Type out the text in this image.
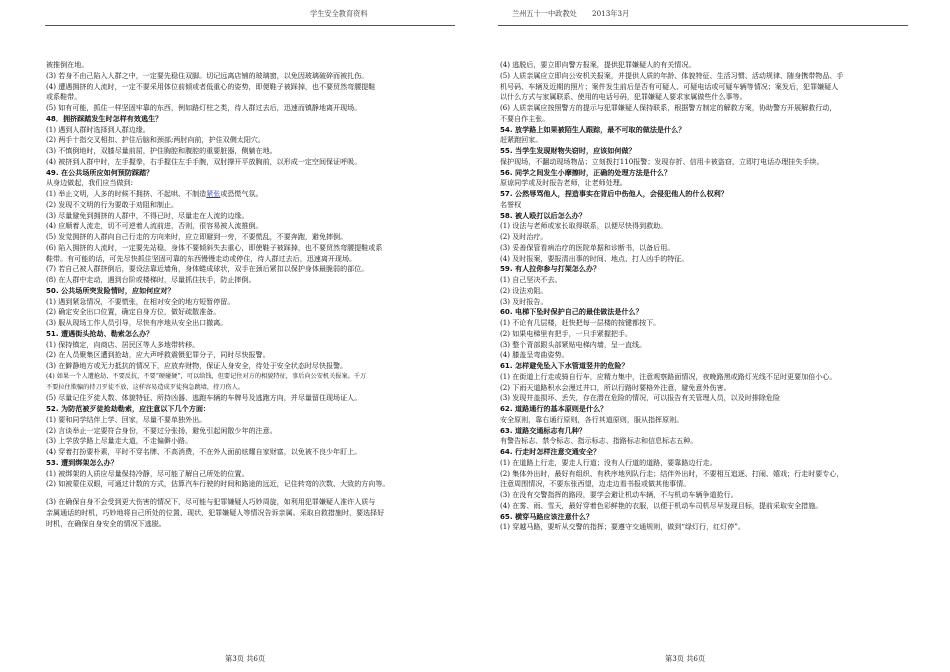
学生安全教育资料	兰州五十一中政教处 2013年3月

被推倒在地。

(3) 若身不由己陷入人群之中，一定要先稳住双脚。切记远离店铺的玻璃窗，以免因玻璃破碎而被扎伤。

(4) 遭遇拥挤的人流时，一定不要采用体位前倾或者低重心的姿势，即便鞋子被踩掉，也不要贸然弯腰提鞋

或系鞋带。

(5) 如有可能，抓住一样坚固牢靠的东西，例如路灯柱之类，待人群过去后，迅速而镇静地离开现场。

48．拥挤踩踏发生时怎样有效逃生？

(1) 遇到人群时选择到人群边缘。

(2) 两手十指交叉相扣、护住后脑和颈部;两肘向前，护住双侧太阳穴。

(3) 不慎倒地时，双膝尽量前屈，护住胸腔和腹腔的重要脏器，侧躺在地。

(4) 被挤到人群中时，左手握拳，右手握住左手手腕，双肘撑开平放胸前，以形成一定空间保证呼吸。

49. 在公共场所应如何预防踩踏？

从身边做起，我们应当做到:

(1) 举止文明，人多的时候不拥挤、不起哄、不制造紧张或恐慌气氛。

(2) 发现不文明的行为要敢于劝阻和制止。

(3) 尽量避免到拥挤的人群中，不得已时，尽量走在人流的边缘。

(4) 应顺着人流走，切不可逆着人流前进，否则，很容易被人流推倒。

(5) 发觉拥挤的人群向自己行走的方向来时，应立即避到一旁，不要慌乱，不要奔跑，避免摔倒。

(6) 陷入拥挤的人流时，一定要先站稳，身体不要倾斜失去重心，即使鞋子被踩掉，也不要贸然弯腰提鞋或系

鞋带。有可能的话，可先尽快抓住坚固可靠的东西慢慢走动或停住，待人群过去后，迅速离开现场。

(7) 若自己被人群挤倒后，要设法靠近墙角，身体蜷成球状，双手在颈后紧扣以保护身体最脆弱的部位。

(8) 在人群中走动，遇到台阶或楼梯时，尽量抓住扶手，防止摔倒。

50. 公共场所突发险情时，应如何应对？

(1) 遇到紧急情况，不要慌张，在相对安全的地方短暂停留。

(2) 确定安全出口位置，确定自身方位，做好疏散准备。

(3) 服从现场工作人员引导，尽快有序地从安全出口撤离。

51. 遭遇街头抢劫、勒索怎么办？

(1) 保持镇定，向商店、居民区等人多地带转移。

(2) 在人员聚集区遭到抢劫，应大声呼救震慑犯罪分子，同时尽快报警。

(3) 在僻静地方或无力抵抗的情况下，应放弃财物，保证人身安全，待处于安全状态时尽快报警。

(4) 如果一个人遭抢劫，不要反抗，不要“硬碰硬”，可以给钱，但要记住对方的相貌特征，事后向公安机关报案。千万

不要拉住欺骗的持刀歹徒不放，这样容易造成歹徒狗急跳墙，持刀伤人。

(5) 尽量记住歹徒人数、体貌特征、所持凶器、逃跑车辆的车牌号及逃跑方向，并尽量留住现场证人。

52. 为防范被歹徒抢劫勒索，应注意以下几个方面：

(1) 要和同学结伴上学、回家，尽量不要单独外出。

(2) 言谈举止一定要符合身份，不要过分张扬，避免引起闲散少年的注意。

(3) 上学放学路上尽量走大道，不走偏僻小路。

(4) 穿着打扮要朴素，平时不穿名牌、不高消费，不在外人面前炫耀自家财富，以免被不良少年盯上。

53. 遭到绑架怎么办？

(1) 被绑架的人质应尽量保持冷静，尽可能了解自己所处的位置。

(2) 如被蒙住双眼，可通过计数的方式，估算汽车行驶的时间和路途的远近，记住转弯的次数、大致的方向等。

(3) 在确保自身不会受到更大伤害的情况下，尽可能与犯罪嫌疑人巧妙周旋，如利用犯罪嫌疑人准许人质与

亲属通话的时机，巧妙地将自己所处的位置、现状、犯罪嫌疑人等情况告诉亲属。采取自救措施时，要选择好

时机，在确保自身安全的情况下逃脱。

(4) 逃脱后，要立即向警方报案，提供犯罪嫌疑人的有关情况。

(5) 人质亲属应立即向公安机关报案，并提供人质的年龄、体貌特征、生活习惯、活动规律、随身携带物品、手

机号码、车辆及近期的照片；案件发生前后是否有可疑人、可疑电话或可疑车辆等情况；案发后，犯罪嫌疑人

以什么方式与家属联系、使用的电话号码，犯罪嫌疑人要求家属做些什么事等。

(6) 人质亲属应按照警方的提示与犯罪嫌疑人保持联系，根据警方制定的解救方案，协助警方开展解救行动，

不要自作主张。

54. 放学路上如果被陌生人跟踪，最不可取的做法是什么？

赶紧跑回家。

55. 当学生发现财物失窃时，应该如何做？

保护现场，不翻动现场物品；立刻拨打110报警；发现存折、信用卡被盗窃，立即打电话办理挂失手续。

56. 同学之间发生小摩擦时，正确的处理方法是什么？

原谅同学或及时报告老师，让老师处理。

57. 公然辱骂他人，捏造事实在背后中伤他人，会侵犯他人的什么权利？

名誉权

58. 被人殴打以后怎么办？

(1) 设法与老师或家长取得联系，以便尽快得到救助。

(2) 及时治疗。

(3) 妥善保管看病治疗的医院单据和诊断书，以备后用。

(4) 及时报案，要报清出事的时间、地点、打人凶手的特征。

59. 有人拉你参与打架怎么办？

(1) 自己坚决不去。

(2) 设法劝阻。

(3) 及时报告。

60. 电梯下坠时保护自己的最佳做法是什么？

(1) 不论有几层楼，赶快把每一层楼的按键都按下。

(2) 如果电梯里有把手，一只手紧握把手。

(3) 整个背部跟头部紧贴电梯内墙，呈一直线。

(4) 膝盖呈弯曲姿势。

61. 怎样避免坠入下水管道竖井的危险？

(1) 在街道上行走或骑自行车，应精力集中，注意观察路面情况，夜晚路黑或路灯光线不足时更要加倍小心。

(2) 下雨天道路积水会漫过井口，所以行路时要格外注意，避免意外伤害。

(3) 发现井盖损坏、丢失，存在潜在危险的情况，可以报告有关管理人员，以及时排除危险

62. 道路通行的基本原则是什么？

安全原则，靠右通行原则，各行其道原则，服从指挥原则。

63. 道路交通标志有几种？

有警告标志、禁令标志、指示标志、指路标志和信息标志五种。

64. 行走时怎样注意交通安全？

(1) 在道路上行走，要走人行道；没有人行道的道路，要靠路边行走。

(2) 集体外出时，最好有组织、有秩序地列队行走；结伴外出时，不要相互追逐、打闹、嬉戏；行走时要专心，

注意周围情况，不要东张西望，边走边看书报或做其他事情。

(3) 在没有交警指挥的路段，要学会避让机动车辆，不与机动车辆争道抢行。

(4) 在雾、雨、雪天，最好穿着色彩鲜艳的衣服，以便于机动车司机尽早发现目标，提前采取安全措施。

65. 横穿马路应该注意什么？

(1) 穿越马路，要听从交警的指挥；要遵守交通规则，做到“绿灯行，红灯停”。

第3页 共6页	第3页 共6页
